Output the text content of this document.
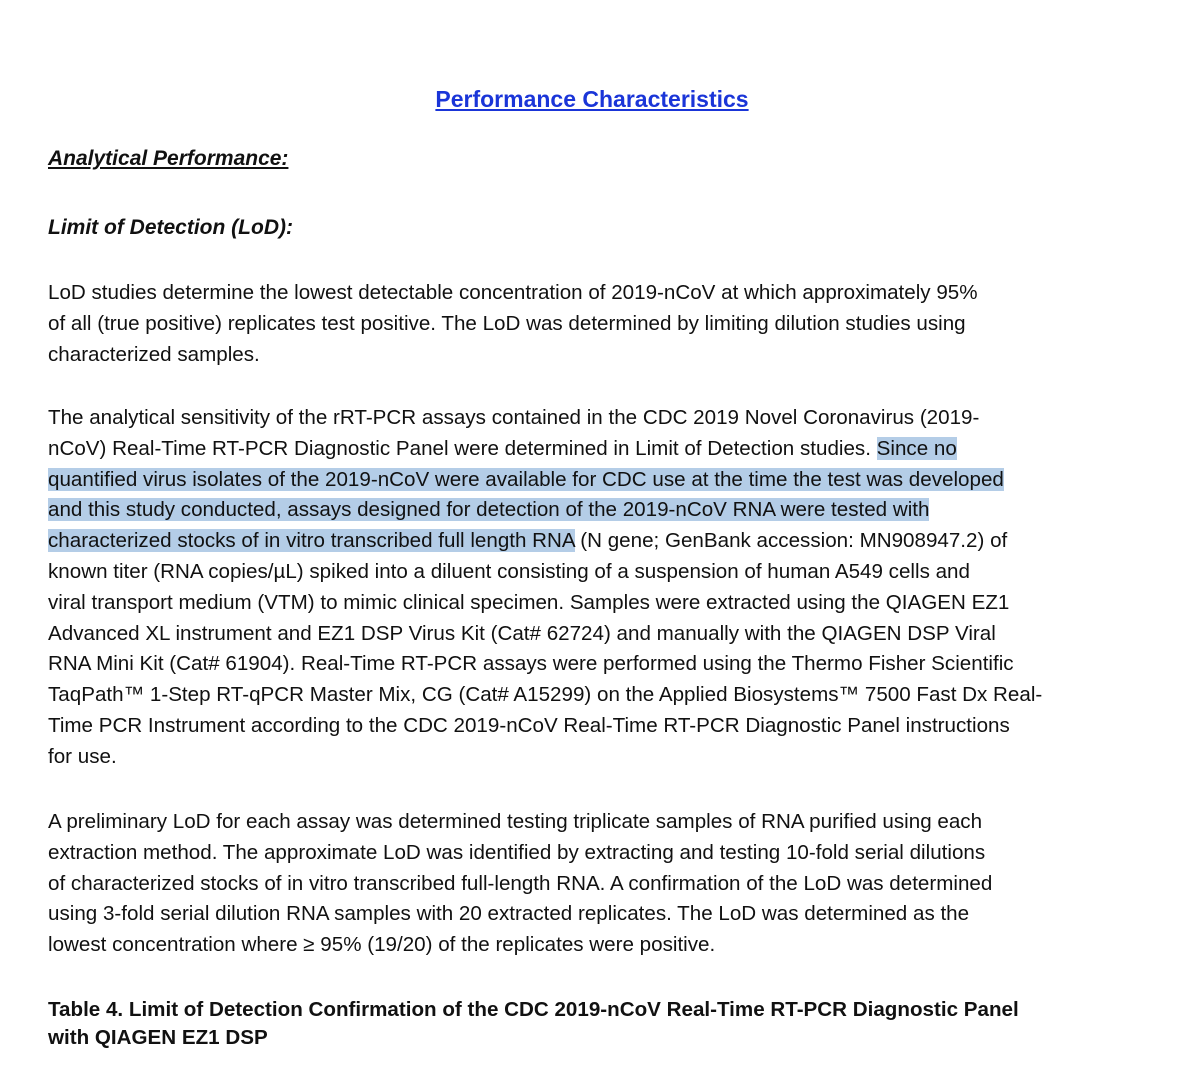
Performance Characteristics
Analytical Performance:
Limit of Detection (LoD):

LoD studies determine the lowest detectable concentration of 2019-nCoV at which approximately 95%
of all (true positive) replicates test positive. The LoD was determined by limiting dilution studies using
characterized samples.

The analytical sensitivity of the rRT-PCR assays contained in the CDC 2019 Novel Coronavirus (2019-
nCoV) Real-Time RT-PCR Diagnostic Panel were determined in Limit of Detection studies. Since no
quantified virus isolates of the 2019-nCoV were available for CDC use at the time the test was developed
and this study conducted, assays designed for detection of the 2019-nCoV RNA were tested with
characterized stocks of in vitro transcribed full length RNA (N gene; GenBank accession: MN908947.2) of
known titer (RNA copies/µL) spiked into a diluent consisting of a suspension of human A549 cells and
viral transport medium (VTM) to mimic clinical specimen. Samples were extracted using the QIAGEN EZ1
Advanced XL instrument and EZ1 DSP Virus Kit (Cat# 62724) and manually with the QIAGEN DSP Viral
RNA Mini Kit (Cat# 61904). Real-Time RT-PCR assays were performed using the Thermo Fisher Scientific
TaqPath™ 1-Step RT-qPCR Master Mix, CG (Cat# A15299) on the Applied Biosystems™ 7500 Fast Dx Real-
Time PCR Instrument according to the CDC 2019-nCoV Real-Time RT-PCR Diagnostic Panel instructions
for use.

A preliminary LoD for each assay was determined testing triplicate samples of RNA purified using each
extraction method. The approximate LoD was identified by extracting and testing 10-fold serial dilutions
of characterized stocks of in vitro transcribed full-length RNA. A confirmation of the LoD was determined
using 3-fold serial dilution RNA samples with 20 extracted replicates. The LoD was determined as the
lowest concentration where ≥ 95% (19/20) of the replicates were positive.

Table 4. Limit of Detection Confirmation of the CDC 2019-nCoV Real-Time RT-PCR Diagnostic Panel

with QIAGEN EZ1 DSP
